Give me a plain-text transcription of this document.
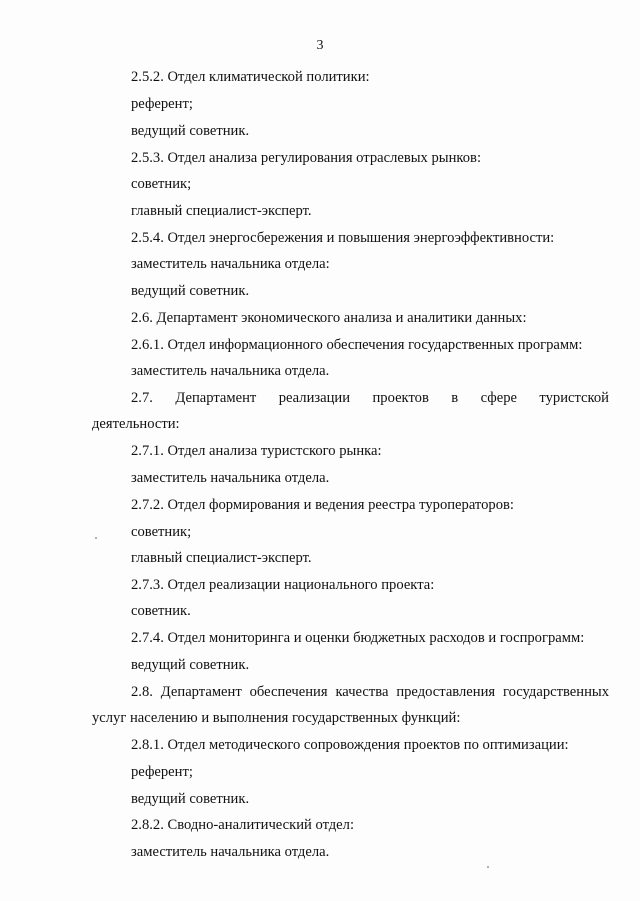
3
2.5.2. Отдел климатической политики:
референт;
ведущий советник.
2.5.3. Отдел анализа регулирования отраслевых рынков:
советник;
главный специалист-эксперт.
2.5.4. Отдел энергосбережения и повышения энергоэффективности:
заместитель начальника отдела:
ведущий советник.
2.6. Департамент экономического анализа и аналитики данных:
2.6.1. Отдел информационного обеспечения государственных программ:
заместитель начальника отдела.
2.7. Департамент реализации проектов в сфере туристской
деятельности:
2.7.1. Отдел анализа туристского рынка:
заместитель начальника отдела.
2.7.2. Отдел формирования и ведения реестра туроператоров:
советник;
главный специалист-эксперт.
2.7.3. Отдел реализации национального проекта:
советник.
2.7.4. Отдел мониторинга и оценки бюджетных расходов и госпрограмм:
ведущий советник.
2.8. Департамент обеспечения качества предоставления государственных
услуг населению и выполнения государственных функций:
2.8.1. Отдел методического сопровождения проектов по оптимизации:
референт;
ведущий советник.
2.8.2. Сводно-аналитический отдел:
заместитель начальника отдела.
